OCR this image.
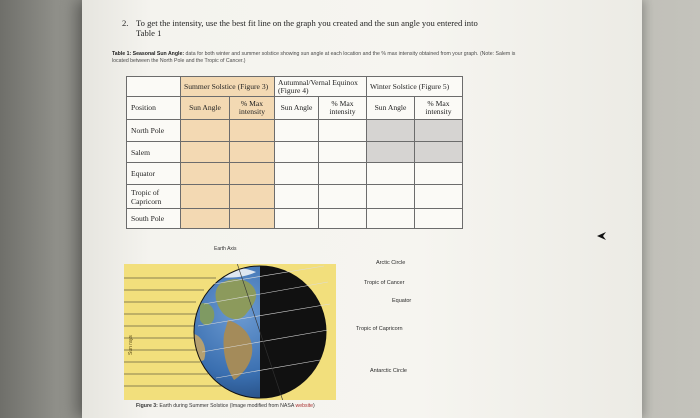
2. To get the intensity, use the best fit line on the graph you created and the sun angle you entered into Table 1
Table 1: Seasonal Sun Angle: data for both winter and summer solstice showing sun angle at each location and the % max intensity obtained from your graph. (Note: Salem is located between the North Pole and the Tropic of Cancer.)
	Summer Solstice (Figure 3)		Autumnal/Vernal Equinox (Figure 4)		Winter Solstice (Figure 5)	
Position	Sun Angle	% Max intensity	Sun Angle	% Max intensity	Sun Angle	% Max intensity
North Pole						
Salem						
Equator						
Tropic of Capricorn						
South Pole						
Earth Axis
Sun rays
Arctic Circle
Tropic of Cancer
Equator
Tropic of Capricorn
Antarctic Circle
Figure 3: Earth during Summer Solstice (Image modified from NASA website)
